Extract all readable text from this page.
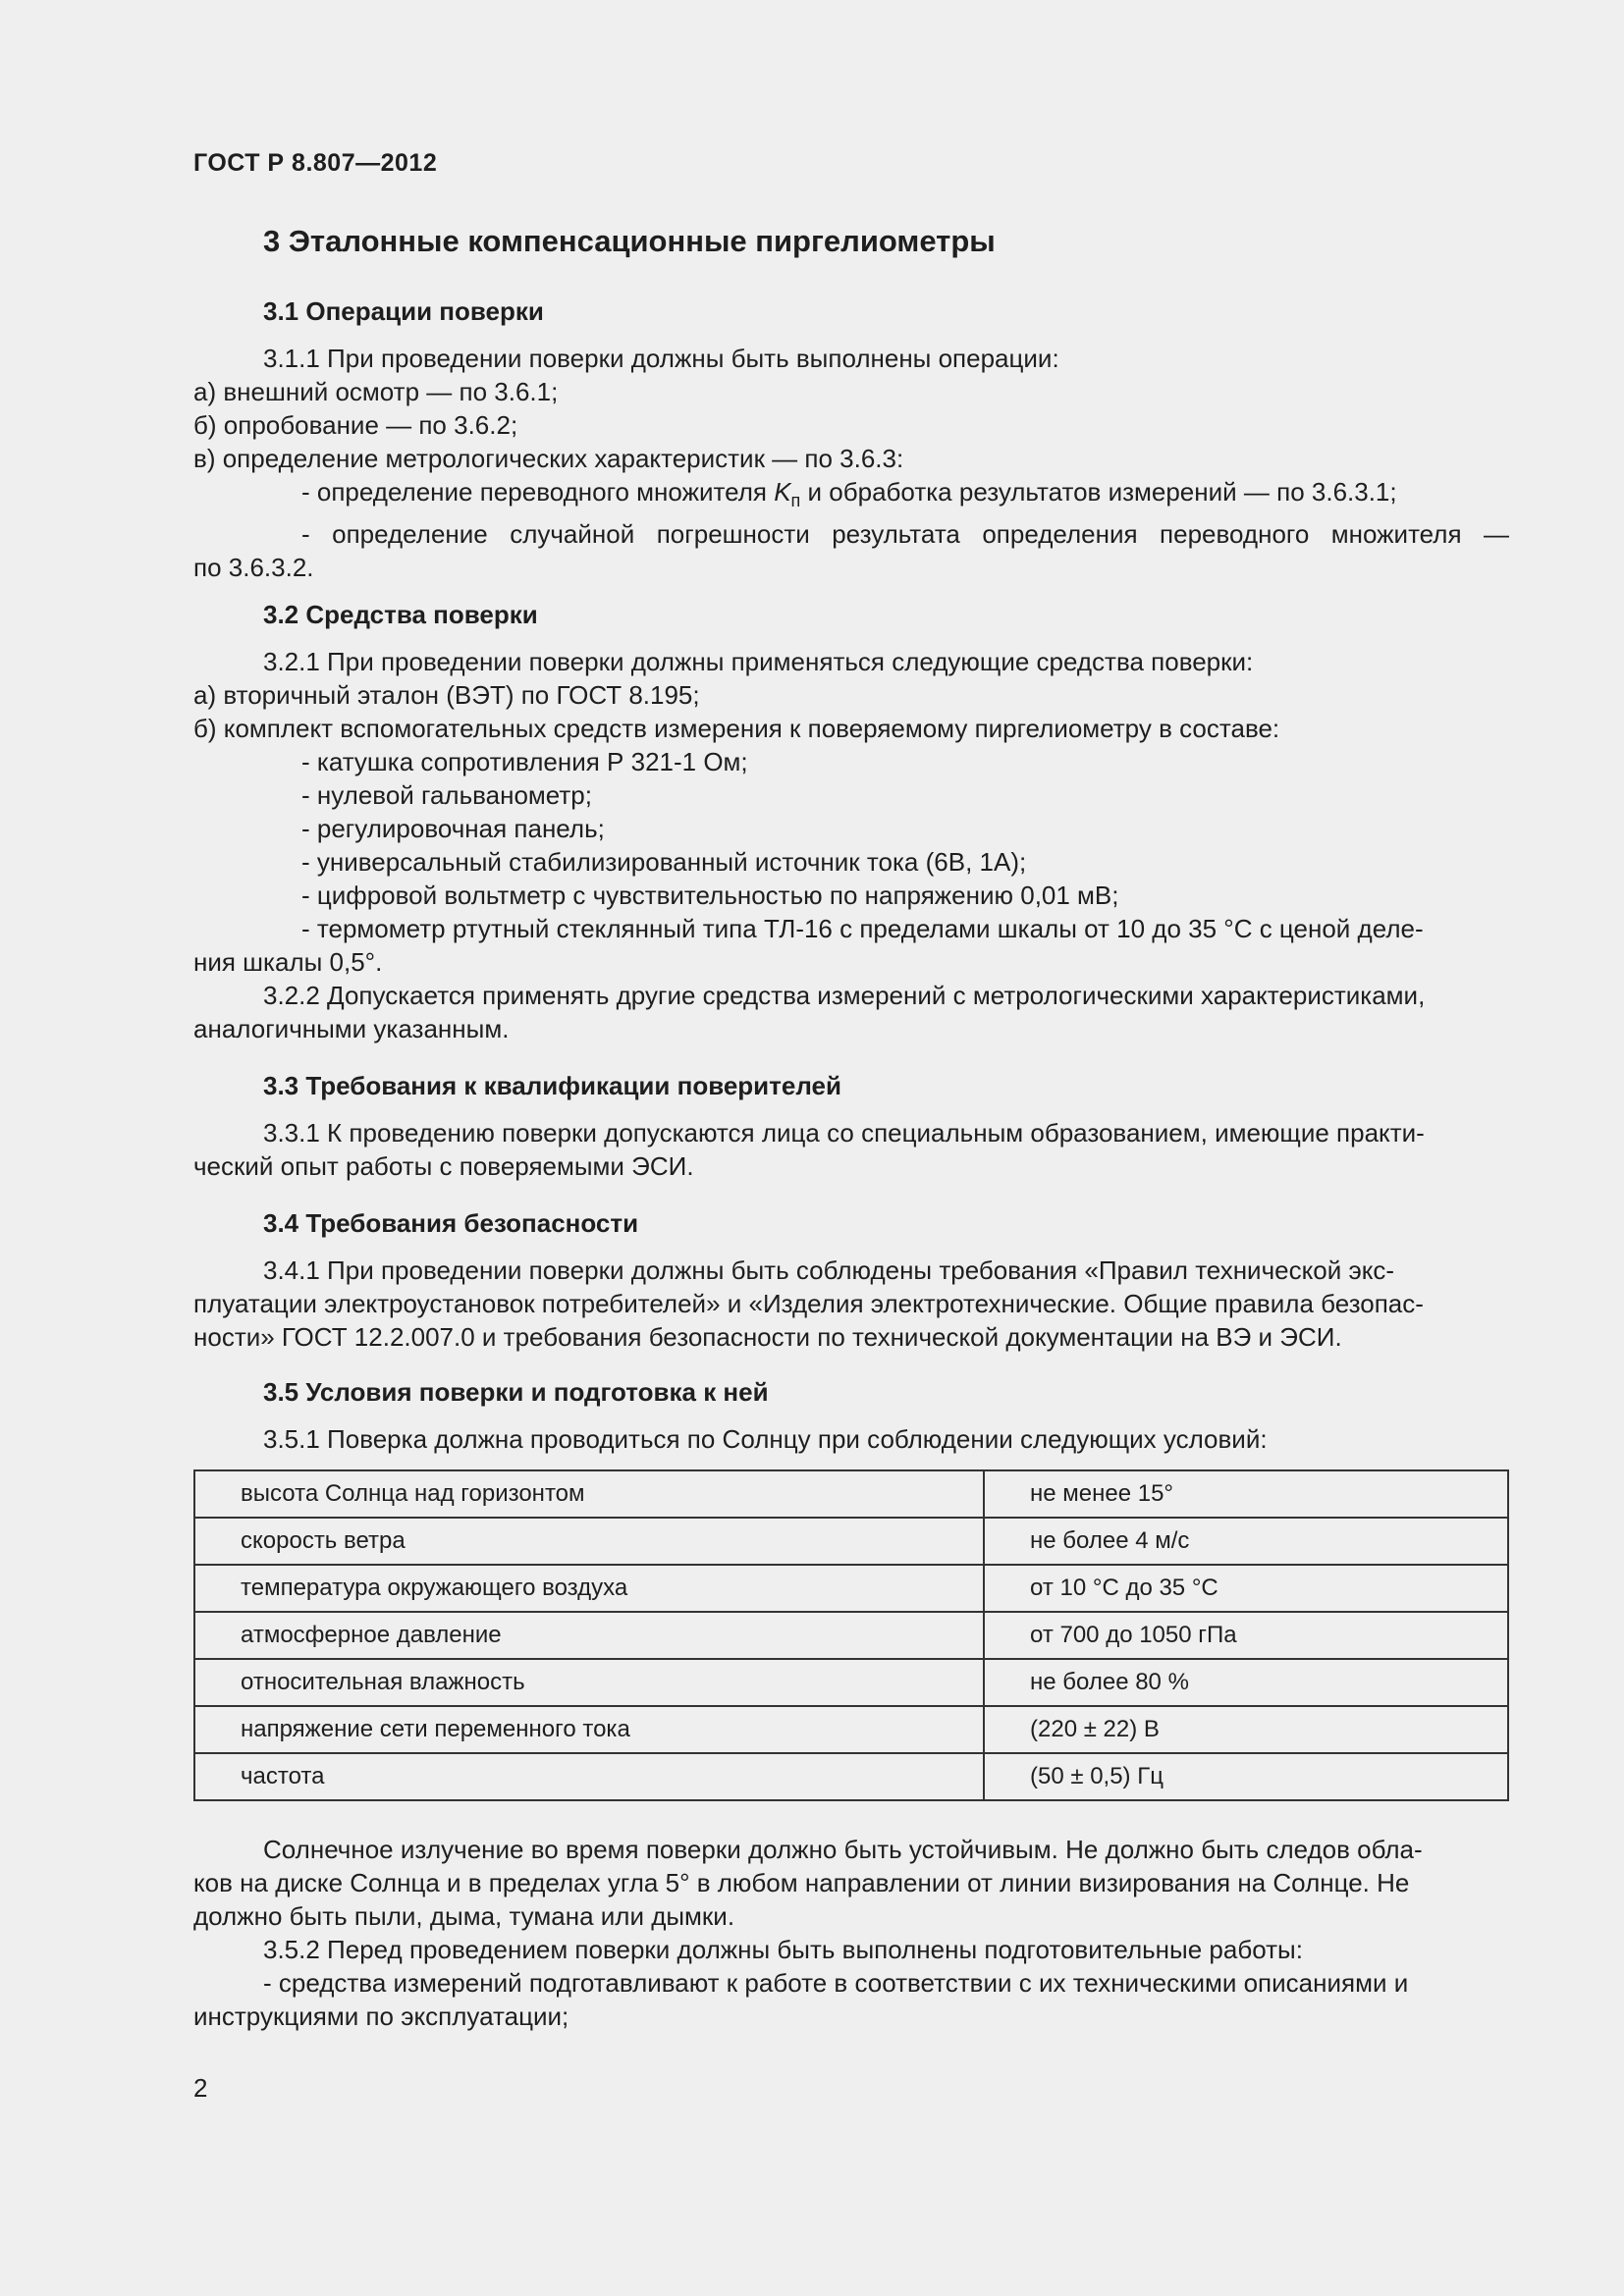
ГОСТ Р 8.807—2012
3 Эталонные компенсационные пиргелиометры
3.1 Операции поверки

3.1.1 При проведении поверки должны быть выполнены операции:

а) внешний осмотр — по 3.6.1;

б) опробование — по 3.6.2;

в) определение метрологических характеристик — по 3.6.3:

- определение переводного множителя $K_п$ и обработка результатов измерений — по 3.6.3.1;

- определение случайной погрешности результата определения переводного множителя —

по 3.6.3.2.

3.2 Средства поверки

3.2.1 При проведении поверки должны применяться следующие средства поверки:

а) вторичный эталон (ВЭТ) по ГОСТ 8.195;

б) комплект вспомогательных средств измерения к поверяемому пиргелиометру в составе:

- катушка сопротивления Р 321-1 Ом;

- нулевой гальванометр;

- регулировочная панель;

- универсальный стабилизированный источник тока (6В, 1А);

- цифровой вольтметр с чувствительностью по напряжению 0,01 мВ;

- термометр ртутный стеклянный типа ТЛ-16 с пределами шкалы от 10 до 35 °С с ценой деле-

ния шкалы 0,5°.

3.2.2 Допускается применять другие средства измерений с метрологическими характеристиками,

аналогичными указанным.

3.3 Требования к квалификации поверителей

3.3.1 К проведению поверки допускаются лица со специальным образованием, имеющие практи-

ческий опыт работы с поверяемыми ЭСИ.

3.4 Требования безопасности

3.4.1 При проведении поверки должны быть соблюдены требования «Правил технической экс-

плуатации электроустановок потребителей» и «Изделия электротехнические. Общие правила безопас-

ности» ГОСТ 12.2.007.0 и требования безопасности по технической документации на ВЭ и ЭСИ.

3.5 Условия поверки и подготовка к ней

3.5.1 Поверка должна проводиться по Солнцу при соблюдении следующих условий:

высота Солнца над горизонтом	не менее 15°
скорость ветра	не более 4 м/с
температура окружающего воздуха	от 10 °С до 35 °С
атмосферное давление	от 700 до 1050 гПа
относительная влажность	не более 80 %
напряжение сети переменного тока	(220 ± 22) В
частота	(50 ± 0,5) Гц

Солнечное излучение во время поверки должно быть устойчивым. Не должно быть следов обла-

ков на диске Солнца и в пределах угла 5° в любом направлении от линии визирования на Солнце. Не

должно быть пыли, дыма, тумана или дымки.

3.5.2 Перед проведением поверки должны быть выполнены подготовительные работы:

- средства измерений подготавливают к работе в соответствии с их техническими описаниями и

инструкциями по эксплуатации;

2
